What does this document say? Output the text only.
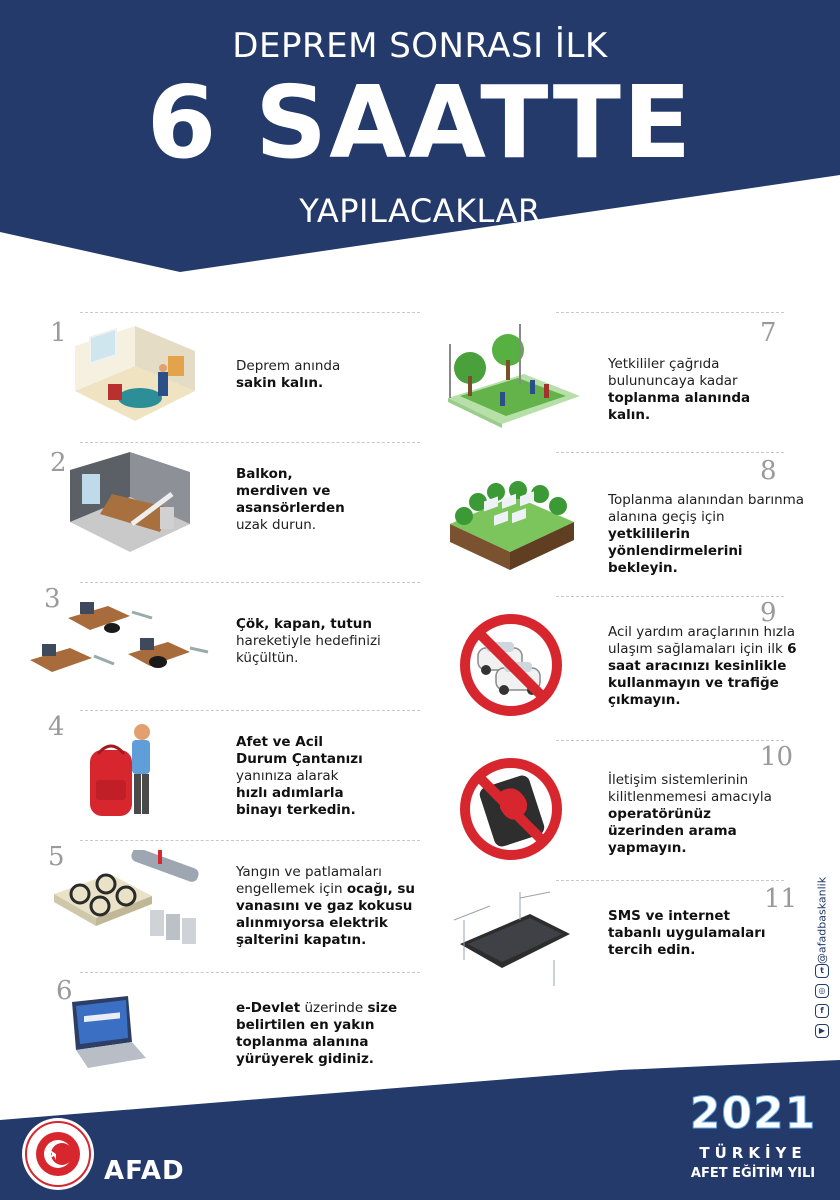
DEPREM SONRASI İLK
6 SAATTE
YAPILACAKLAR
1
Deprem anında sakin kalın.
2	Balkon, merdiven ve asansörlerden uzak durun.
3
Çök, kapan, tutun hareketiyle hedefinizi küçültün.
4	Afet ve Acil Durum Çantanızı yanınıza alarak hızlı adımlarla binayı terkedin.
5	Yangın ve patlamaları engellemek için ocağı, su vanasını ve gaz kokusu alınmıyorsa elektrik şalterini kapatın.
6
e-Devlet üzerinde size belirtilen en yakın toplanma alanına yürüyerek gidiniz.
7
Yetkililer çağrıda bulununcaya kadar toplanma alanında kalın.
8
Toplanma alanından barınma alanına geçiş için yetkililerin yönlendirmelerini bekleyin.
9
Acil yardım araçlarının hızla ulaşım sağlamaları için ilk 6 saat aracınızı kesinlikle kullanmayın ve trafiğe çıkmayın.
10
İletişim sistemlerinin kilitlenmemesi amacıyla operatörünüz üzerinden arama yapmayın.
11
SMS ve internet tabanlı uygulamaları tercih edin.	@afadbaskanlik
t
◎
f
▶
AFAD
2021
TÜRKİYE
AFET EĞİTİM YILI
